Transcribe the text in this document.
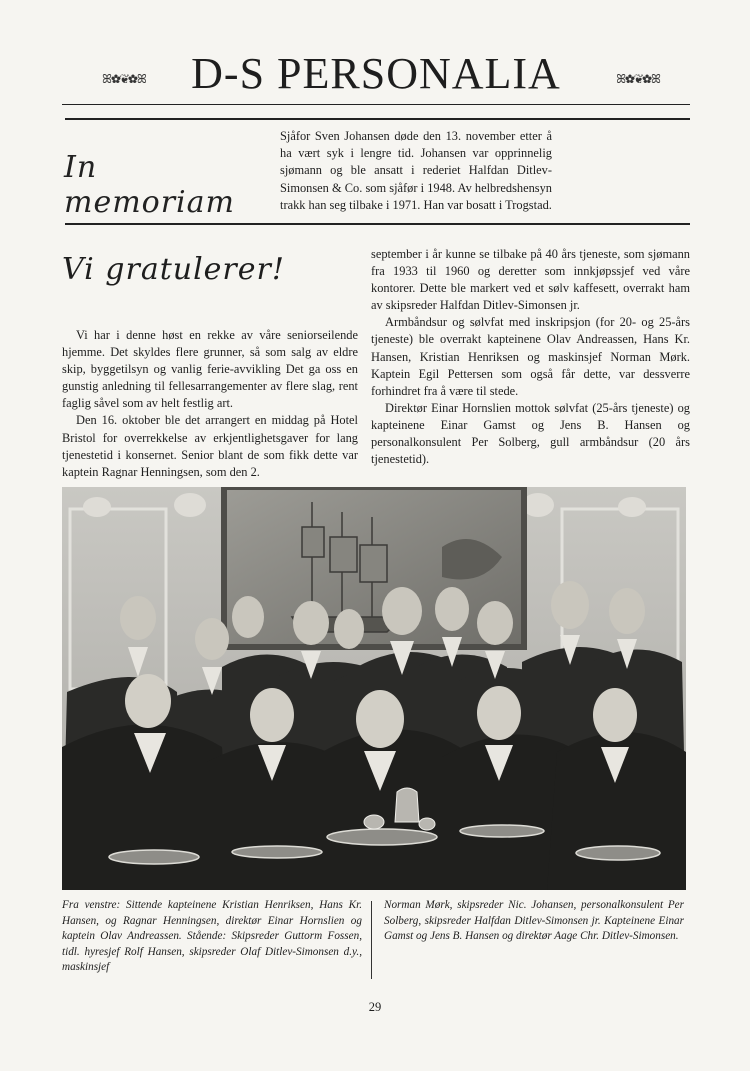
ꕤ✿❦✿ꕤ	D-S PERSONALIA	ꕤ✿❦✿ꕤ
In memoriam
Sjåfor Sven Johansen døde den 13. november etter å ha vært syk i lengre tid. Johansen var opprinnelig sjømann og ble ansatt i rederiet Halfdan Ditlev-Simonsen & Co. som sjåfør i 1948. Av helbredshensyn trakk han seg tilbake i 1971. Han var bosatt i Trogstad.
Vi gratulerer!

Vi har i denne høst en rekke av våre seniorseilende hjemme. Det skyldes flere grunner, så som salg av eldre skip, byggetilsyn og vanlig ferie-avvikling Det ga oss en gunstig anledning til fellesarrangementer av flere slag, rent faglig såvel som av helt festlig art.

Den 16. oktober ble det arrangert en middag på Hotel Bristol for overrekkelse av erkjentlighetsgaver for lang tjenestetid i konsernet. Senior blant de som fikk dette var kaptein Ragnar Henningsen, som den 2.

september i år kunne se tilbake på 40 års tjeneste, som sjømann fra 1933 til 1960 og deretter som innkjøpssjef ved våre kontorer. Dette ble markert ved et sølv kaffesett, overrakt ham av skipsreder Halfdan Ditlev-Simonsen jr.

Armbåndsur og sølvfat med inskripsjon (for 20- og 25-års tjeneste) ble overrakt kapteinene Olav Andreassen, Hans Kr. Hansen, Kristian Henriksen og maskinsjef Norman Mørk. Kaptein Egil Pettersen som også får dette, var dessverre forhindret fra å være til stede.

Direktør Einar Hornslien mottok sølvfat (25-års tjeneste) og kapteinene Einar Gamst og Jens B. Hansen og personalkonsulent Per Solberg, gull armbåndsur (20 års tjenestetid).

Fra venstre: Sittende kapteinene Kristian Henriksen, Hans Kr. Hansen, og Ragnar Henningsen, direktør Einar Hornslien og kaptein Olav Andreassen. Stående: Skipsreder Guttorm Fossen, tidl. hyresjef Rolf Hansen, skipsreder Olaf Ditlev-Simonsen d.y., maskinsjef
Norman Mørk, skipsreder Nic. Johansen, personalkonsulent Per Solberg, skipsreder Halfdan Ditlev-Simonsen jr. Kapteinene Einar Gamst og Jens B. Hansen og direktør Aage Chr. Ditlev-Simonsen.
29
